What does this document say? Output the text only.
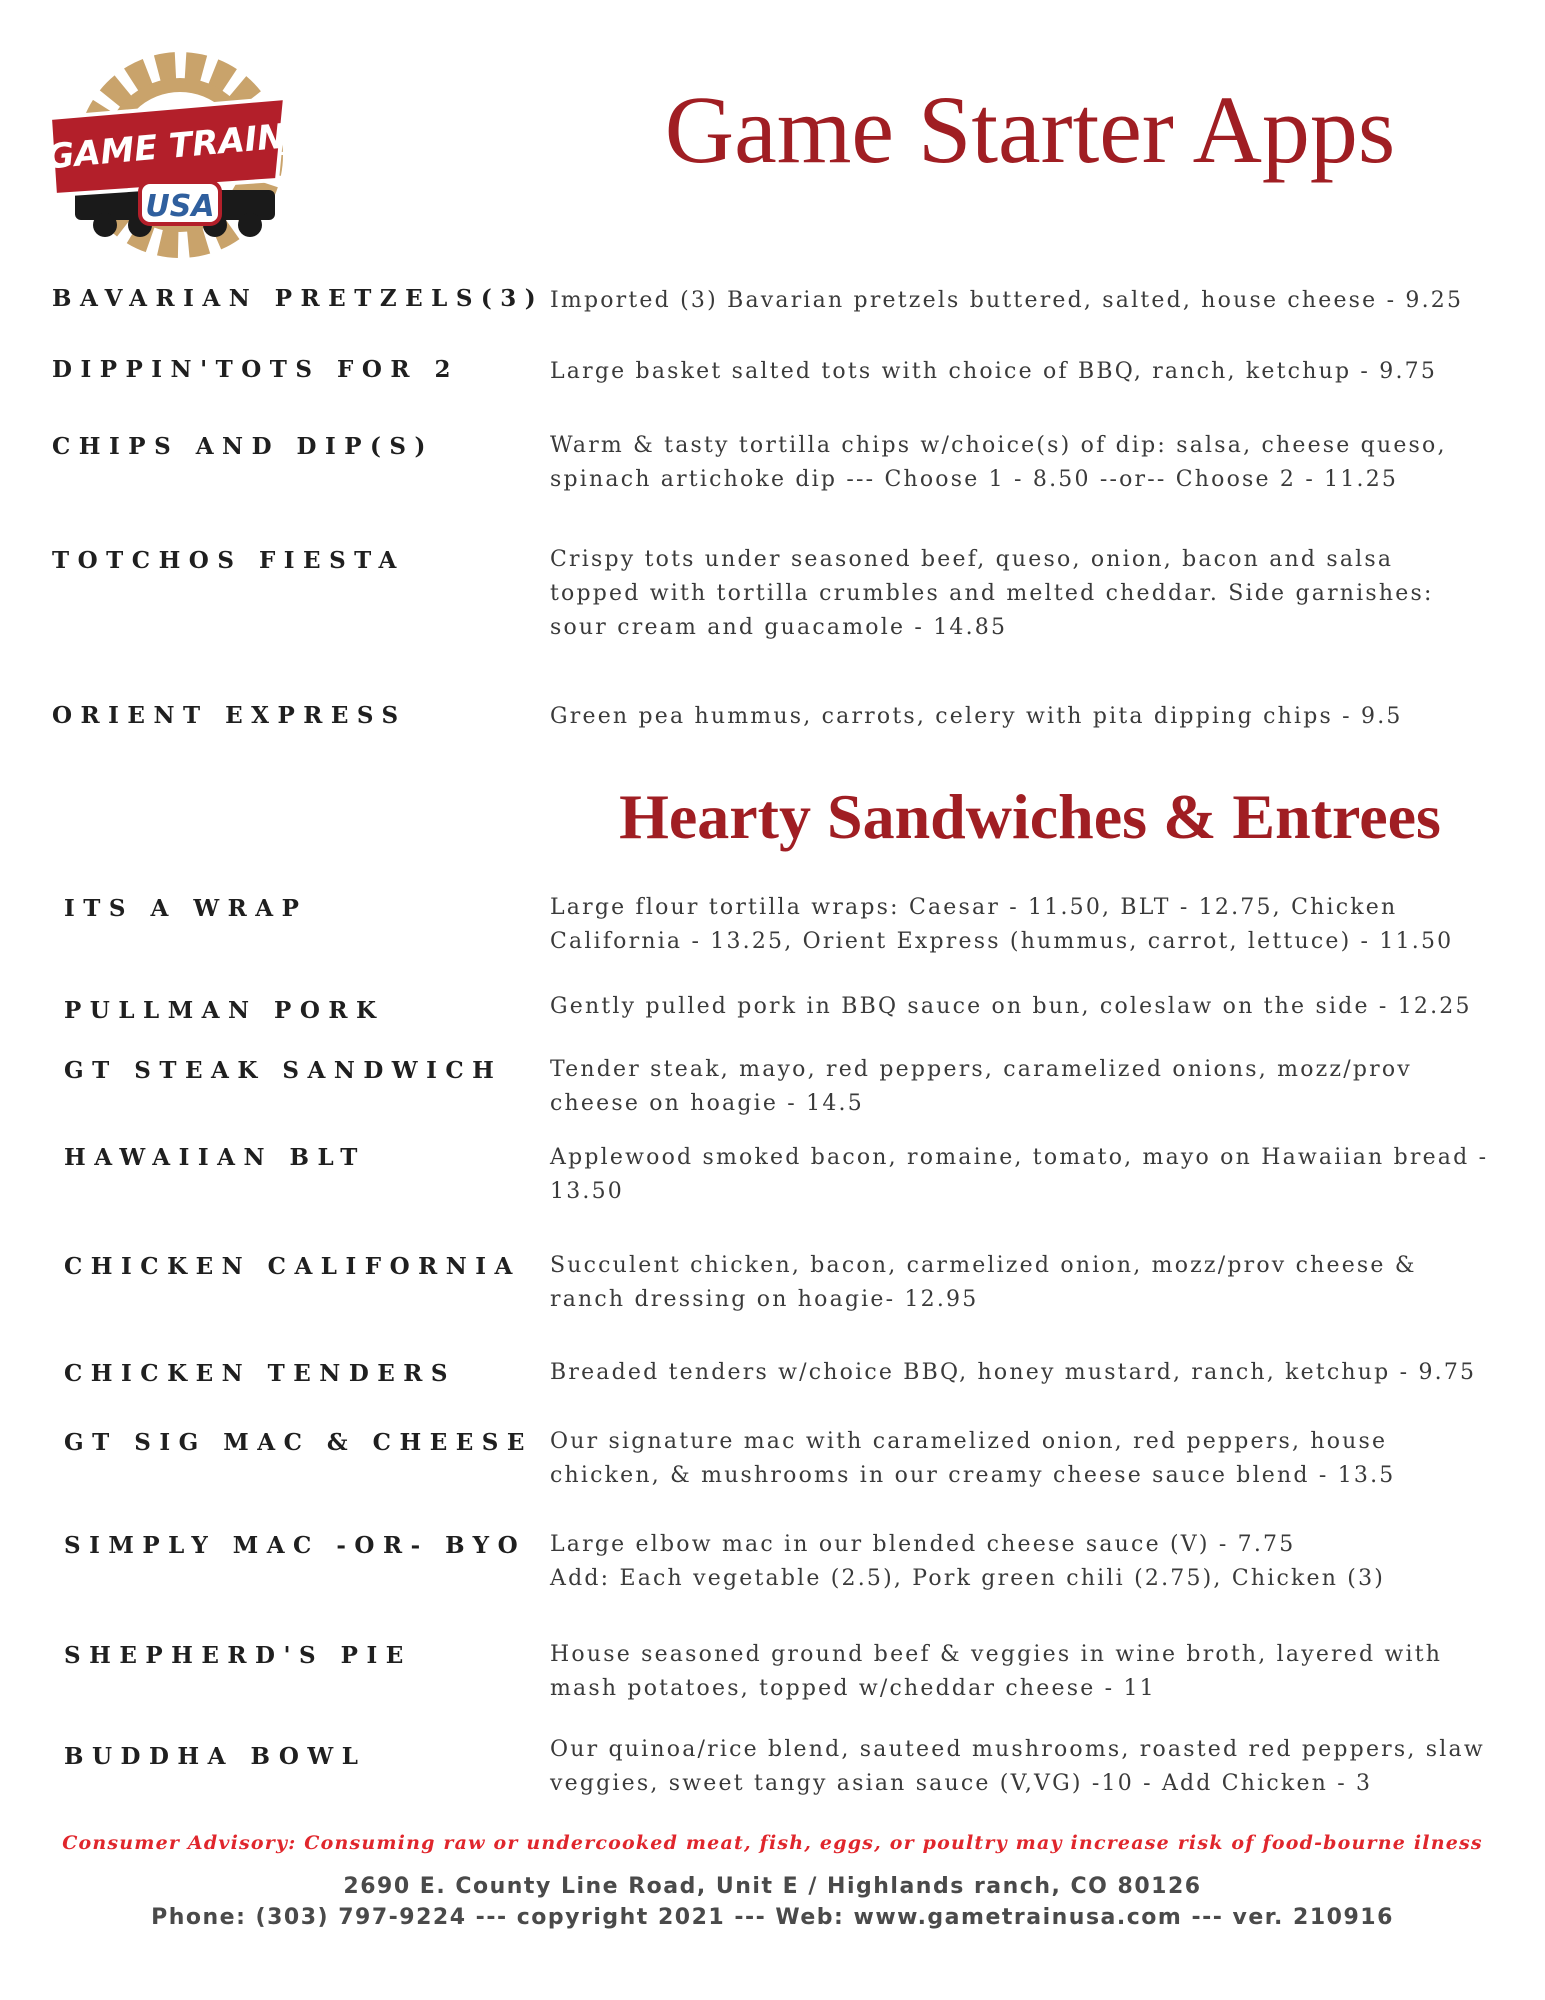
GAME TRAIN
USA
Game Starter Apps
BAVARIAN PRETZELS(3) Imported (3) Bavarian pretzels buttered, salted, house cheese - 9.25
DIPPIN'TOTS FOR 2	Large basket salted tots with choice of BBQ, ranch, ketchup - 9.75
CHIPS AND DIP(S)	Warm & tasty tortilla chips w/choice(s) of dip: salsa, cheese queso,
spinach artichoke dip --- Choose 1 - 8.50 --or-- Choose 2 - 11.25
TOTCHOS FIESTA	Crispy tots under seasoned beef, queso, onion, bacon and salsa
topped with tortilla crumbles and melted cheddar. Side garnishes:
sour cream and guacamole - 14.85
ORIENT EXPRESS	Green pea hummus, carrots, celery with pita dipping chips - 9.5
Hearty Sandwiches & Entrees
ITS A WRAP	Large flour tortilla wraps: Caesar - 11.50, BLT - 12.75, Chicken
California - 13.25, Orient Express (hummus, carrot, lettuce) - 11.50
PULLMAN PORK	Gently pulled pork in BBQ sauce on bun, coleslaw on the side - 12.25
GT STEAK SANDWICH Tender steak, mayo, red peppers, caramelized onions, mozz/prov
cheese on hoagie - 14.5
HAWAIIAN BLT	Applewood smoked bacon, romaine, tomato, mayo on Hawaiian bread -
13.50
CHICKEN CALIFORNIA Succulent chicken, bacon, carmelized onion, mozz/prov cheese &
ranch dressing on hoagie- 12.95
CHICKEN TENDERS	Breaded tenders w/choice BBQ, honey mustard, ranch, ketchup - 9.75
GT SIG MAC & CHEESE Our signature mac with caramelized onion, red peppers, house
chicken, & mushrooms in our creamy cheese sauce blend - 13.5
SIMPLY MAC -OR- BYO Large elbow mac in our blended cheese sauce (V) - 7.75
Add: Each vegetable (2.5), Pork green chili (2.75), Chicken (3)
SHEPHERD'S PIE	House seasoned ground beef & veggies in wine broth, layered with
mash potatoes, topped w/cheddar cheese - 11
BUDDHA BOWL	Our quinoa/rice blend, sauteed mushrooms, roasted red peppers, slaw
veggies, sweet tangy asian sauce (V,VG) -10 - Add Chicken - 3
Consumer Advisory: Consuming raw or undercooked meat, fish, eggs, or poultry may increase risk of food-bourne ilness
2690 E. County Line Road, Unit E / Highlands ranch, CO 80126
Phone: (303) 797-9224 --- copyright 2021 --- Web: www.gametrainusa.com --- ver. 210916
